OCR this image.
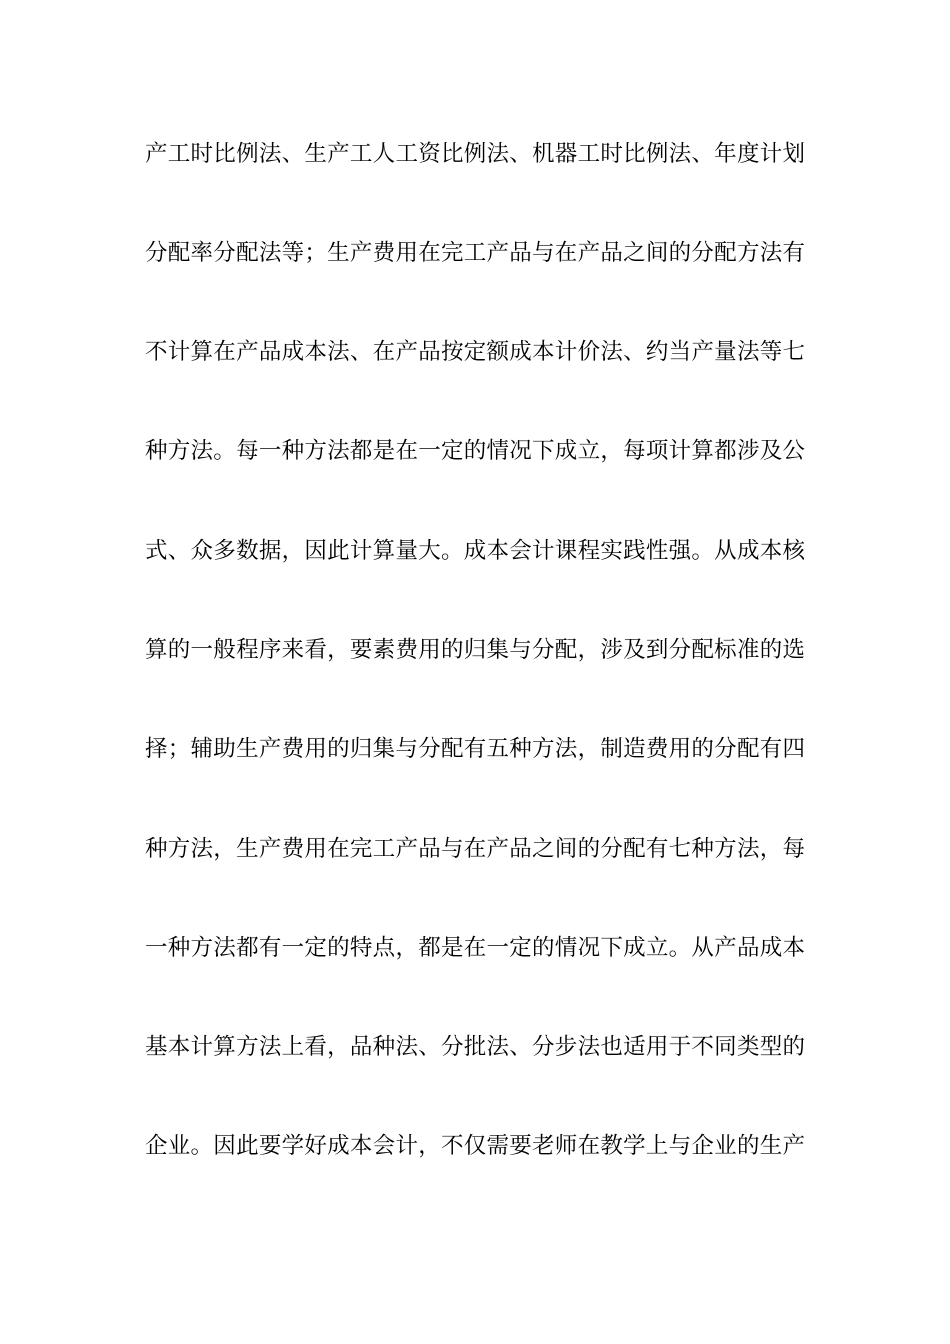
产工时比例法、生产工人工资比例法、机器工时比例法、年度计划
分配率分配法等；生产费用在完工产品与在产品之间的分配方法有
不计算在产品成本法、在产品按定额成本计价法、约当产量法等七
种方法。每一种方法都是在一定的情况下成立，每项计算都涉及公
式、众多数据，因此计算量大。成本会计课程实践性强。从成本核
算的一般程序来看，要素费用的归集与分配，涉及到分配标准的选
择；辅助生产费用的归集与分配有五种方法，制造费用的分配有四
种方法，生产费用在完工产品与在产品之间的分配有七种方法，每
一种方法都有一定的特点，都是在一定的情况下成立。从产品成本
基本计算方法上看，品种法、分批法、分步法也适用于不同类型的
企业。因此要学好成本会计，不仅需要老师在教学上与企业的生产
